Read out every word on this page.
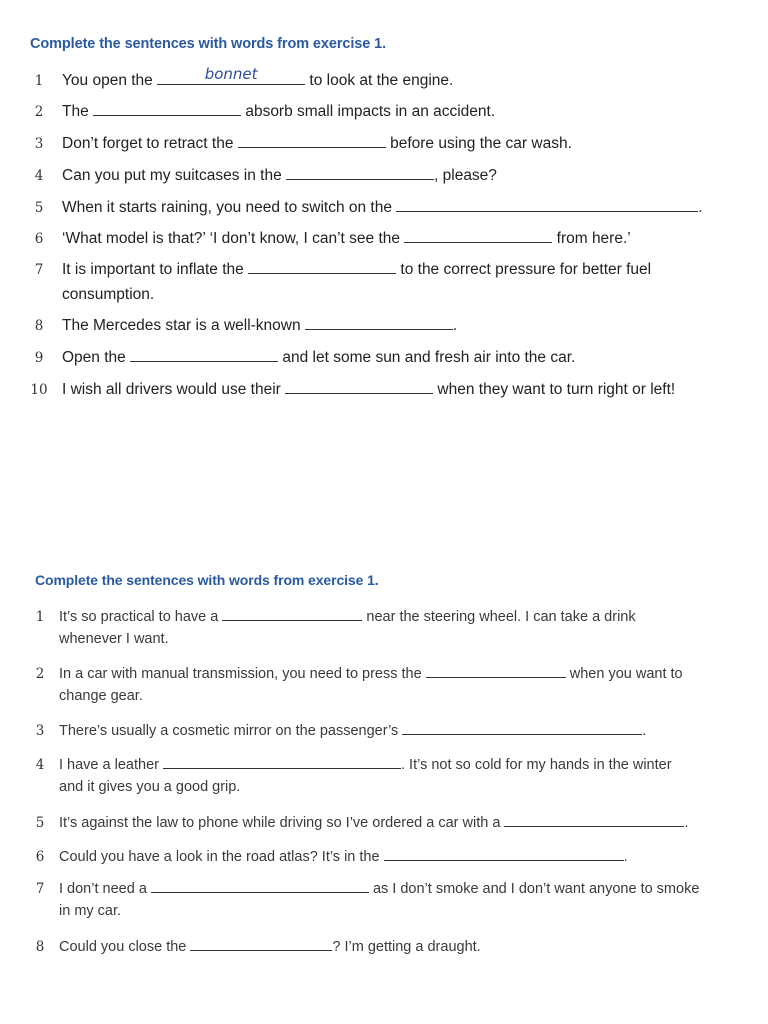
Complete the sentences with words from exercise 1.
1	You open the	bonnet	to look at the engine.
2	The	absorb small impacts in an accident.
3	Don’t forget to retract the	before using the car wash.
4	Can you put my suitcases in the	, please?
5	When it starts raining, you need to switch on the	.
6	‘What model is that?’ ‘I don’t know, I can’t see the	from here.’
7	It is important to inflate the	to the correct pressure for better fuel
consumption.
8	The Mercedes star is a well-known	.
9	Open the	and let some sun and fresh air into the car.
10 I wish all drivers would use their	when they want to turn right or left!
Complete the sentences with words from exercise 1.
1	It’s so practical to have a	near the steering wheel. I can take a drink
whenever I want.
2	In a car with manual transmission, you need to press the	when you want to
change gear.
3	There’s usually a cosmetic mirror on the passenger’s	.
4	I have a leather	. It’s not so cold for my hands in the winter
and it gives you a good grip.
5	It’s against the law to phone while driving so I’ve ordered a car with a	.
6	Could you have a look in the road atlas? It’s in the	.
7	I don’t need a	as I don’t smoke and I don’t want anyone to smoke
in my car.
8	Could you close the	? I’m getting a draught.
